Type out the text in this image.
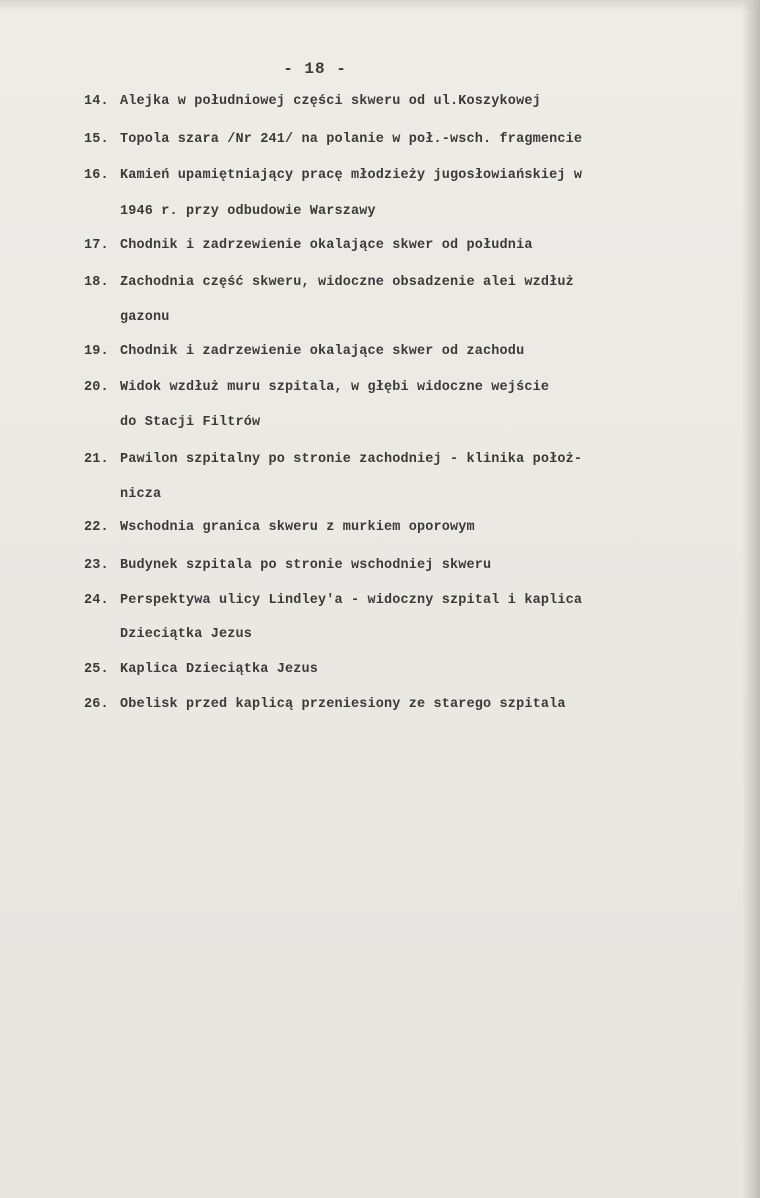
- 18 -
14. Alejka w południowej części skweru od ul.Koszykowej
15. Topola szara /Nr 241/ na polanie w poł.-wsch. fragmencie
16. Kamień upamiętniający pracę młodzieży jugosłowiańskiej w
1946 r. przy odbudowie Warszawy
17. Chodnik i zadrzewienie okalające skwer od południa
18. Zachodnia część skweru, widoczne obsadzenie alei wzdłuż
gazonu
19. Chodnik i zadrzewienie okalające skwer od zachodu
20. Widok wzdłuż muru szpitala, w głębi widoczne wejście
do Stacji Filtrów
21. Pawilon szpitalny po stronie zachodniej - klinika położ-
nicza
22. Wschodnia granica skweru z murkiem oporowym
23. Budynek szpitala po stronie wschodniej skweru
24. Perspektywa ulicy Lindley'a - widoczny szpital i kaplica
Dzieciątka Jezus
25. Kaplica Dzieciątka Jezus
26. Obelisk przed kaplicą przeniesiony ze starego szpitala
